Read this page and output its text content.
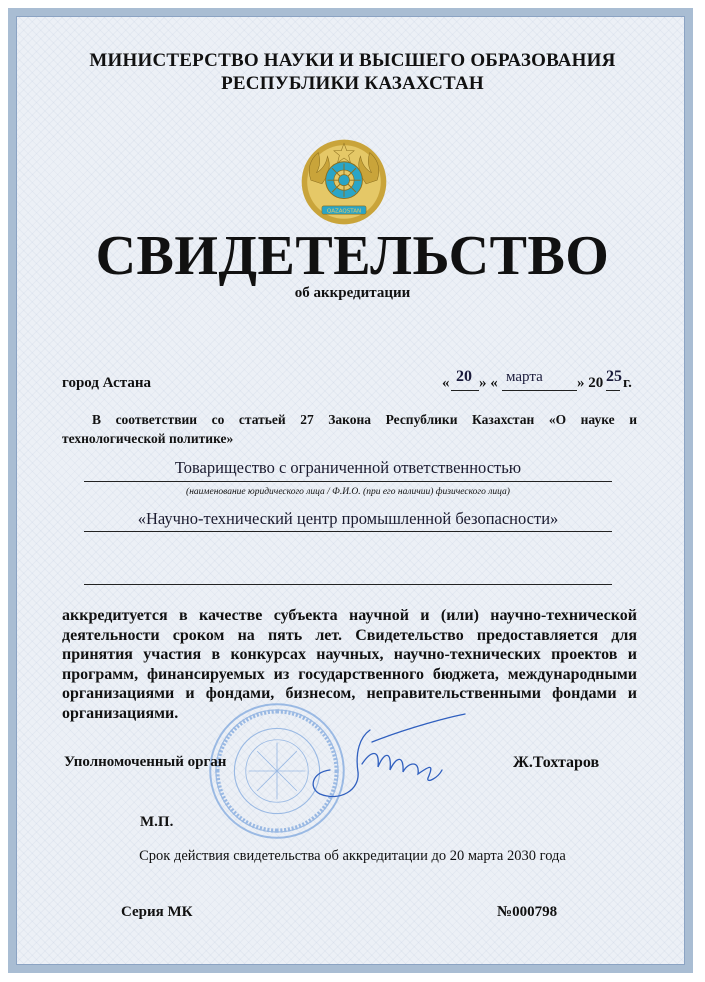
МИНИСТЕРСТВО НАУКИ И ВЫСШЕГО ОБРАЗОВАНИЯ
РЕСПУБЛИКИ КАЗАХСТАН
QAZAQSTAN
СВИДЕТЕЛЬСТВО
об аккредитации
город Астана	« 20 » « марта » 20 25 г.
В соответствии со статьей 27 Закона Республики Казахстан «О науке и
технологической политике»
Товарищество с ограниченной ответственностью
(наименование юридического лица / Ф.И.О. (при его наличии) физического лица)
«Научно-технический центр промышленной безопасности»
аккредитуется в качестве субъекта научной и (или) научно-технической деятельности сроком на пять лет. Свидетельство предоставляется для принятия участия в конкурсах научных, научно-технических проектов и программ, финансируемых из государственного бюджета, международными организациями и фондами, бизнесом, неправительственными фондами и организациями.
Уполномоченный орган	Ж.Тохтаров
М.П.
Срок действия свидетельства об аккредитации до 20 марта 2030 года
Серия МК	№000798
